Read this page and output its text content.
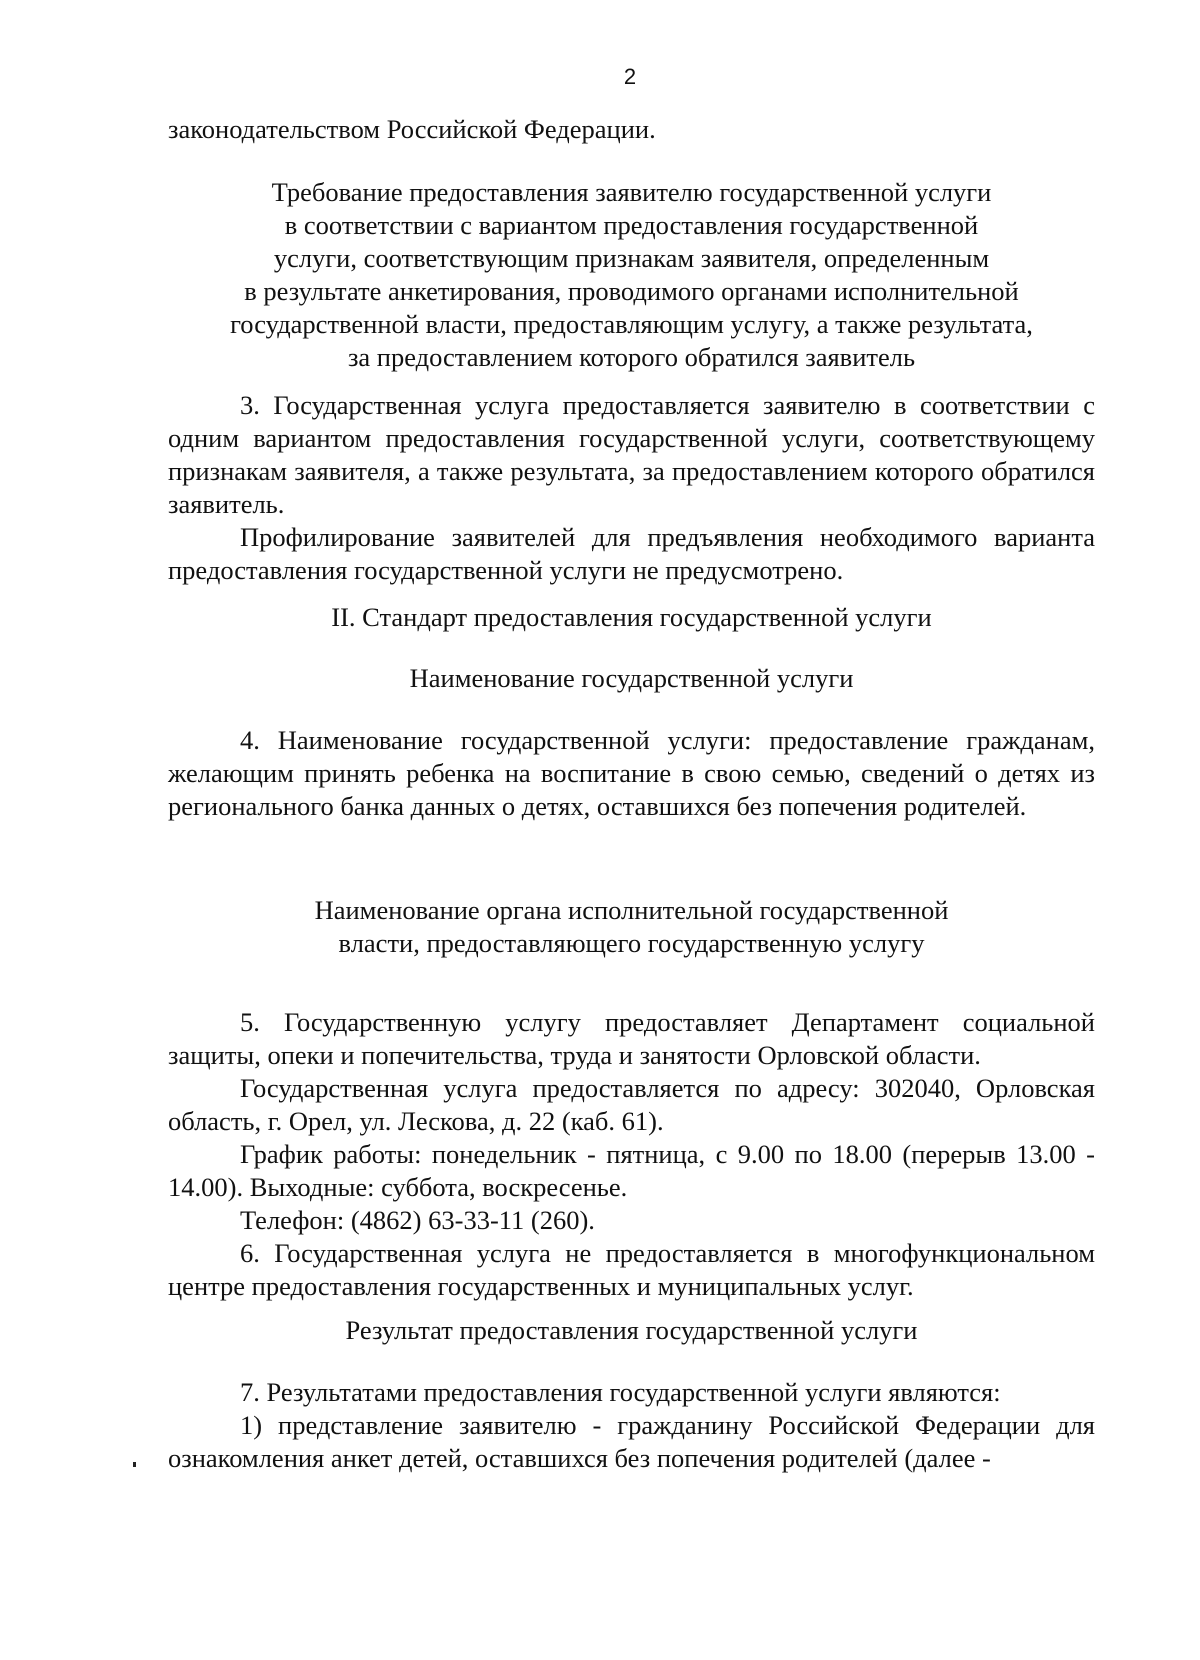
2

законодательством Российской Федерации.

Требование предоставления заявителю государственной услуги
в соответствии с вариантом предоставления государственной
услуги, соответствующим признакам заявителя, определенным
в результате анкетирования, проводимого органами исполнительной
государственной власти, предоставляющим услугу, а также результата,
за предоставлением которого обратился заявитель

3. Государственная услуга предоставляется заявителю в соответствии с одним вариантом предоставления государственной услуги, соответствующему признакам заявителя, а также результата, за предоставлением которого обратился заявитель.

Профилирование заявителей для предъявления необходимого варианта предоставления государственной услуги не предусмотрено.

II. Стандарт предоставления государственной услуги
Наименование государственной услуги

4. Наименование государственной услуги: предоставление гражданам, желающим принять ребенка на воспитание в свою семью, сведений о детях из регионального банка данных о детях, оставшихся без попечения родителей.

Наименование органа исполнительной государственной
власти, предоставляющего государственную услугу

5. Государственную услугу предоставляет Департамент социальной защиты, опеки и попечительства, труда и занятости Орловской области.

Государственная услуга предоставляется по адресу: 302040, Орловская область, г. Орел, ул. Лескова, д. 22 (каб. 61).

График работы: понедельник - пятница, с 9.00 по 18.00 (перерыв 13.00 - 14.00). Выходные: суббота, воскресенье.

Телефон: (4862) 63-33-11 (260).

6. Государственная услуга не предоставляется в многофункциональном центре предоставления государственных и муниципальных услуг.

Результат предоставления государственной услуги

7. Результатами предоставления государственной услуги являются:

1) представление заявителю - гражданину Российской Федерации для ознакомления анкет детей, оставшихся без попечения родителей (далее -
